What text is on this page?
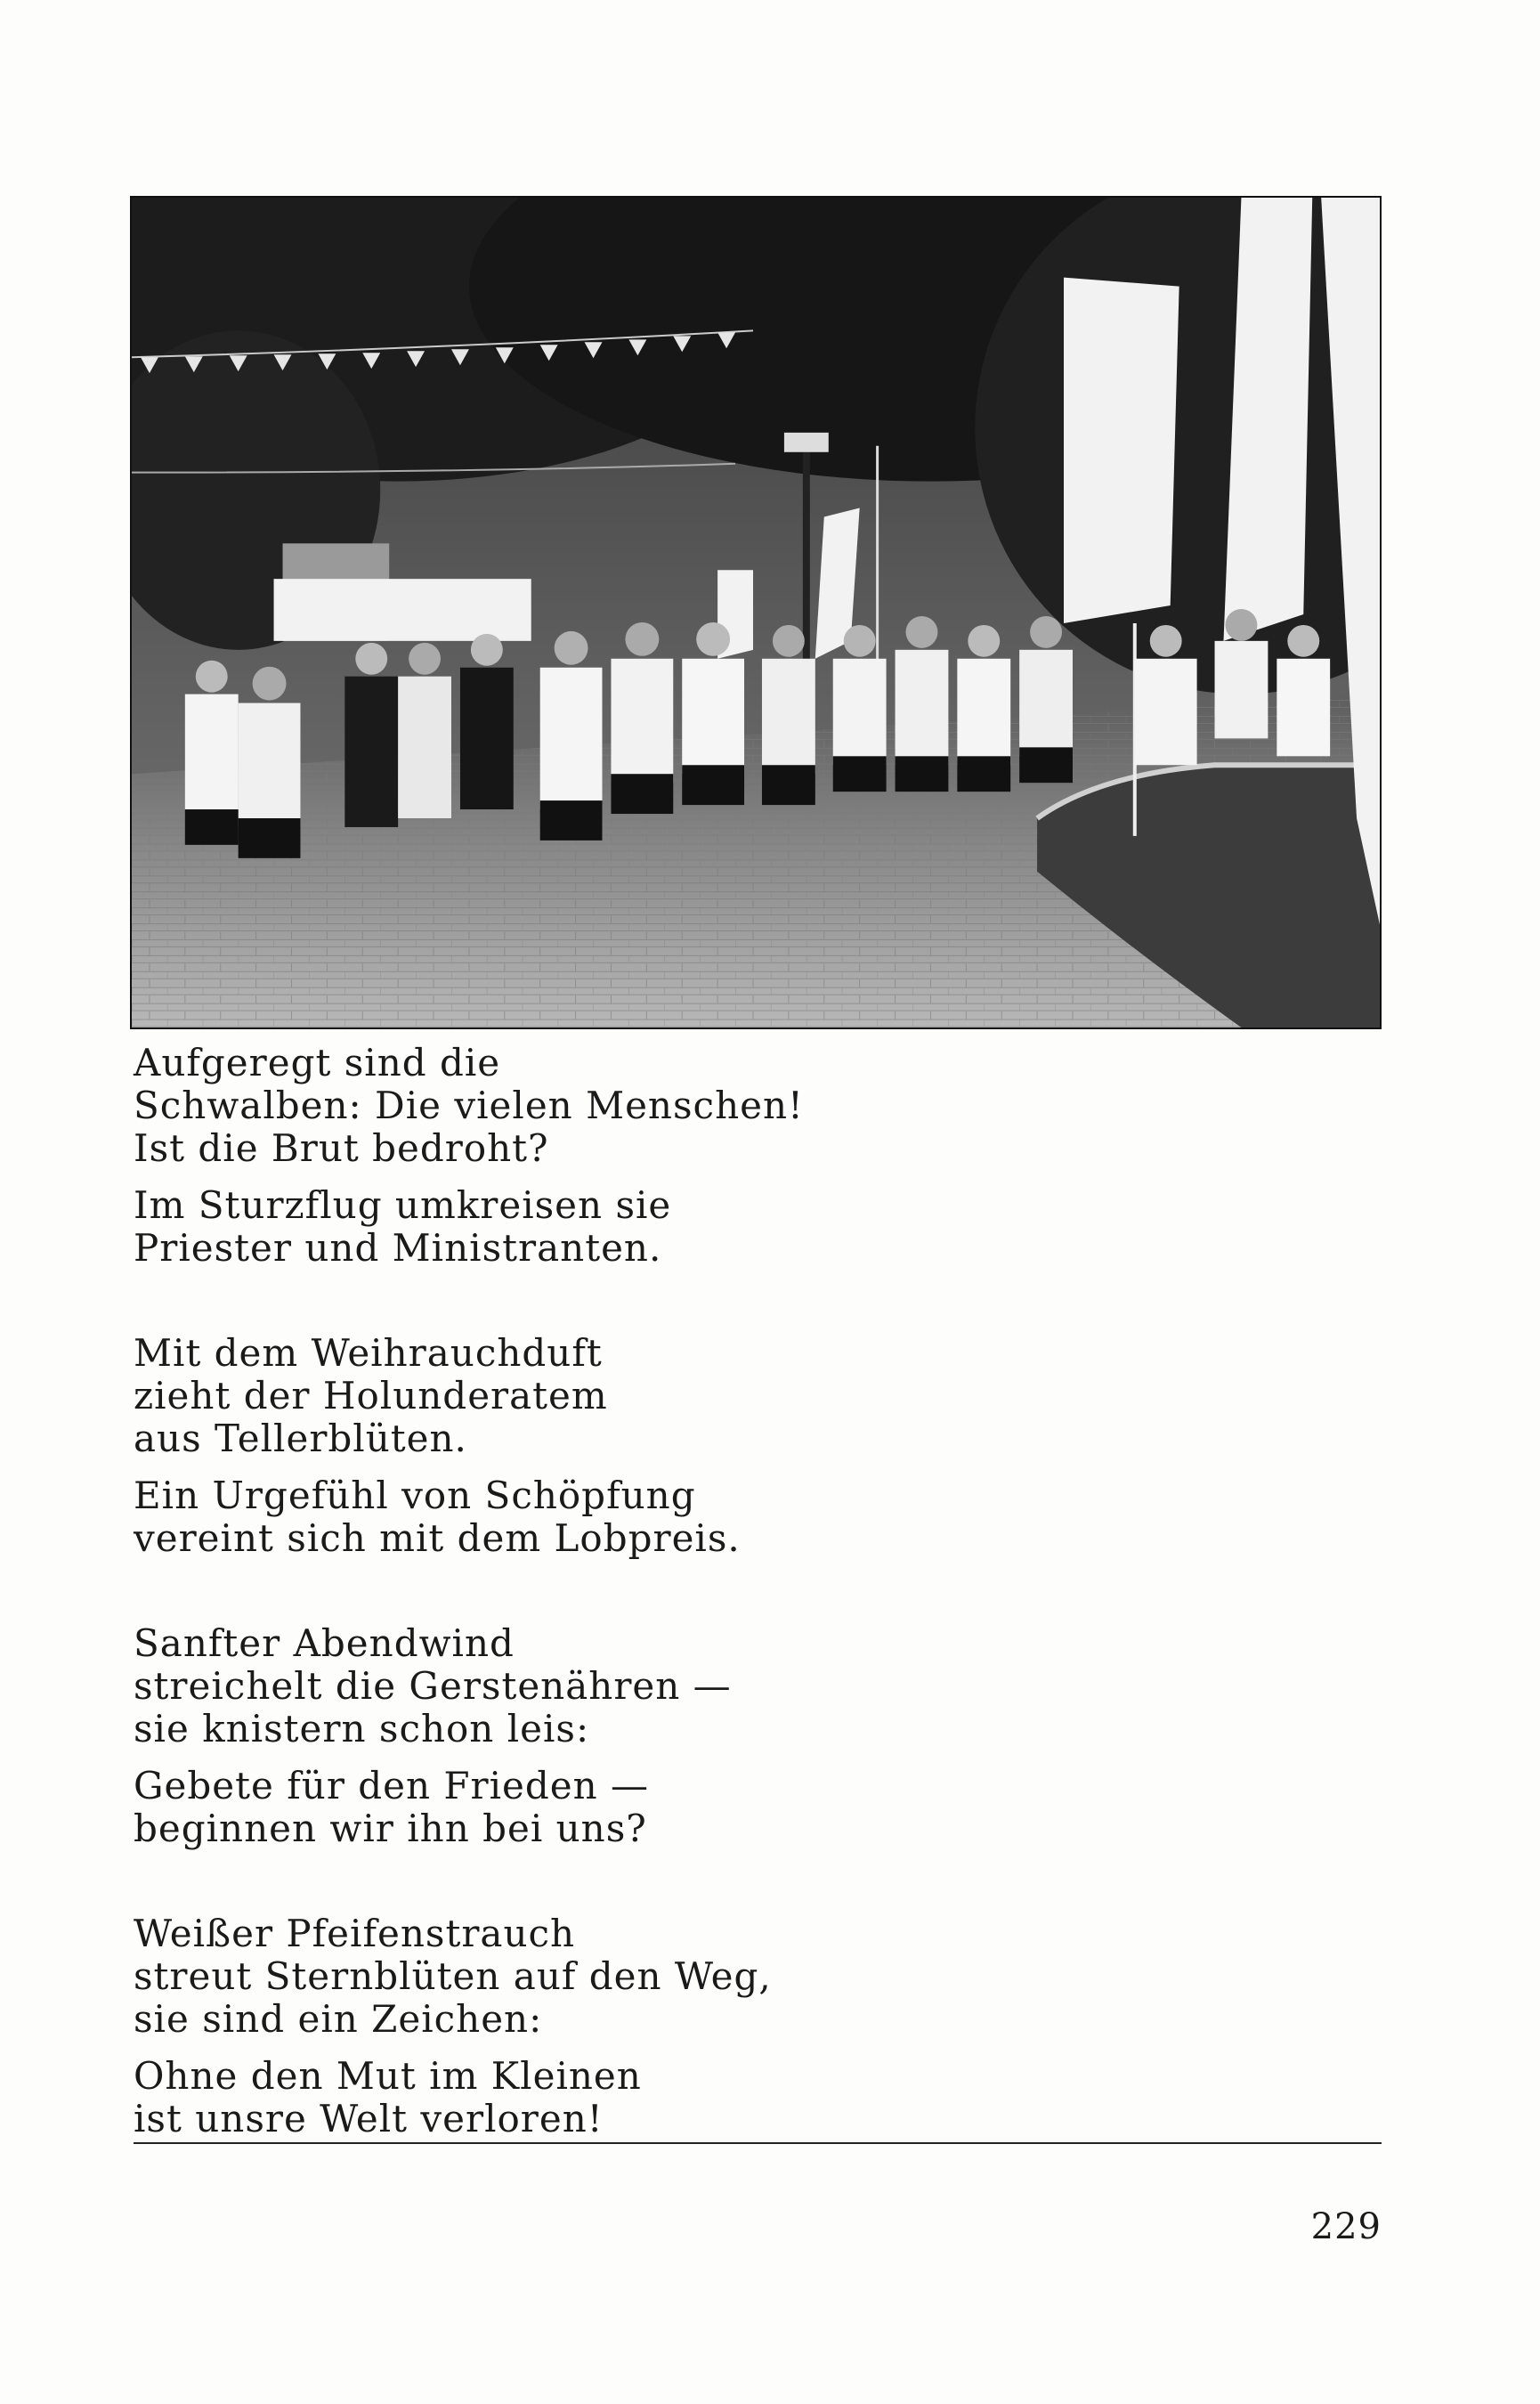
Aufgeregt sind die
Schwalben: Die vielen Menschen!
Ist die Brut bedroht?
Im Sturzflug umkreisen sie
Priester und Ministranten.
Mit dem Weihrauchduft
zieht der Holunderatem
aus Tellerblüten.
Ein Urgefühl von Schöpfung
vereint sich mit dem Lobpreis.
Sanfter Abendwind
streichelt die Gerstenähren —
sie knistern schon leis:
Gebete für den Frieden —
beginnen wir ihn bei uns?
Weißer Pfeifenstrauch
streut Sternblüten auf den Weg,
sie sind ein Zeichen:
Ohne den Mut im Kleinen
ist unsre Welt verloren!
229
